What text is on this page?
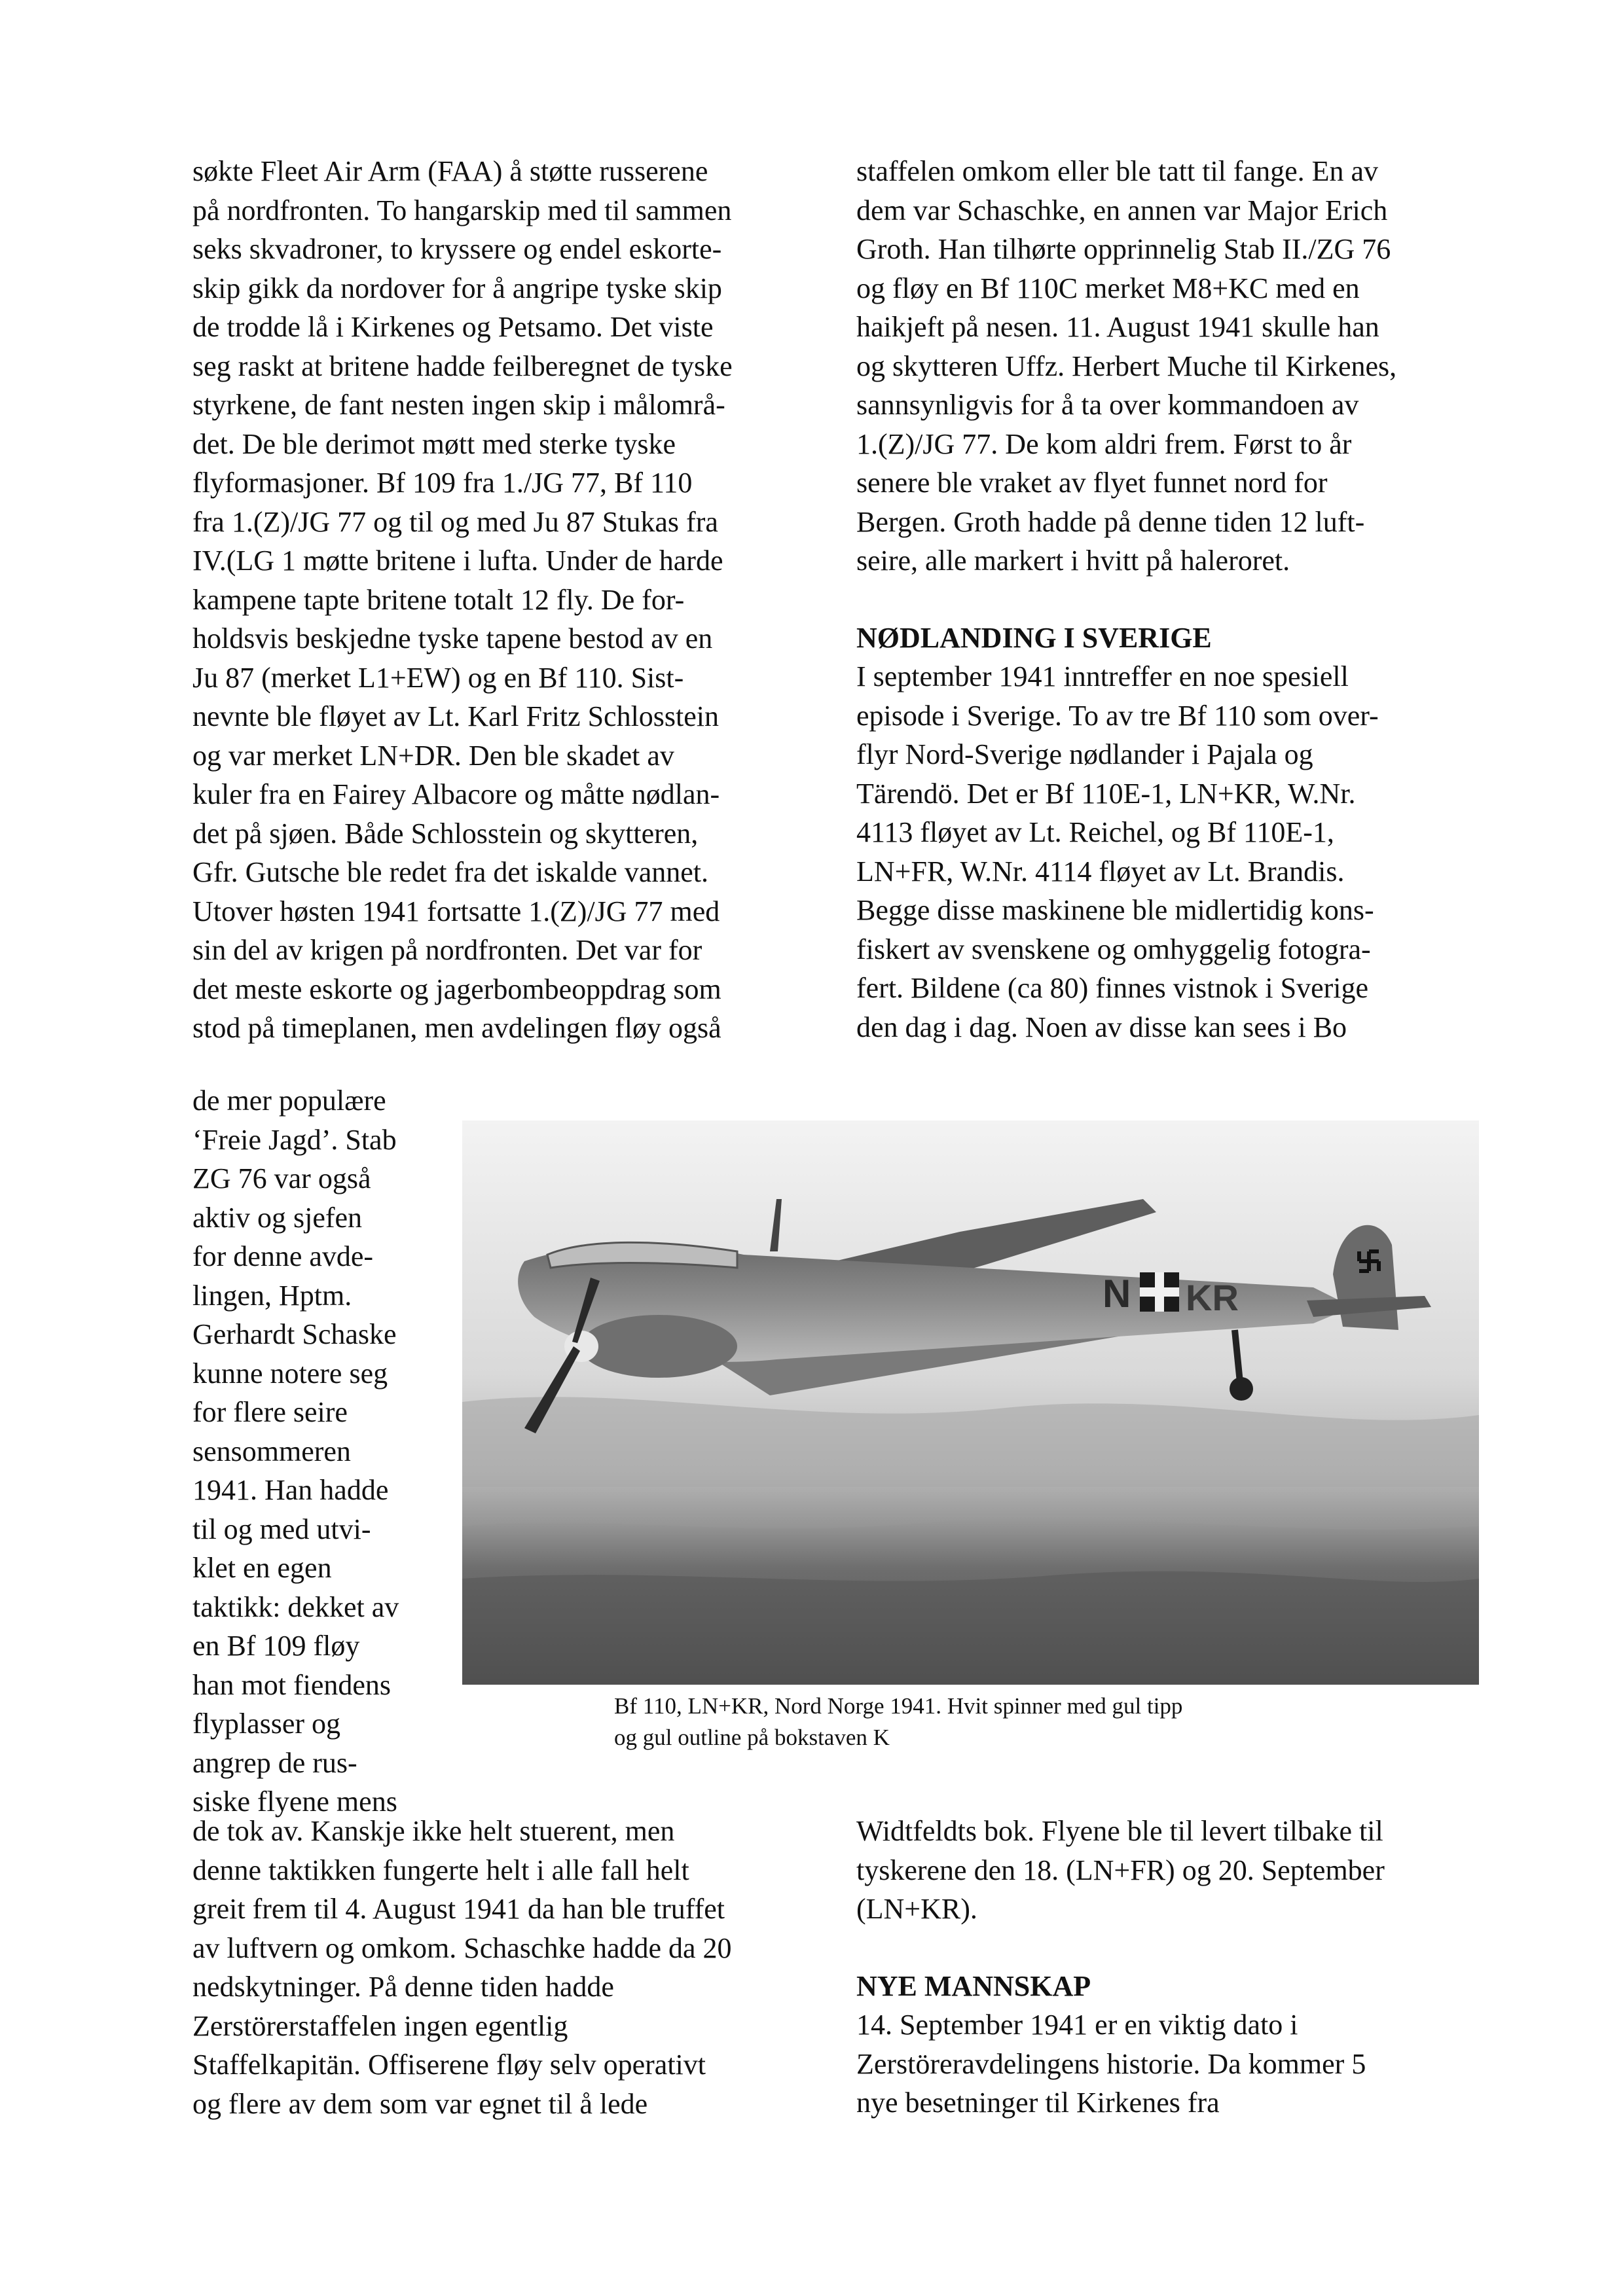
søkte Fleet Air Arm (FAA) å støtte russerene
på nordfronten. To hangarskip med til sammen
seks skvadroner, to kryssere og endel eskorte-
skip gikk da nordover for å angripe tyske skip
de trodde lå i Kirkenes og Petsamo. Det viste
seg raskt at britene hadde feilberegnet de tyske
styrkene, de fant nesten ingen skip i målområ-
det. De ble derimot møtt med sterke tyske
flyformasjoner. Bf 109 fra 1./JG 77, Bf 110
fra 1.(Z)/JG 77 og til og med Ju 87 Stukas fra
IV.(LG 1 møtte britene i lufta. Under de harde
kampene tapte britene totalt 12 fly. De for-
holdsvis beskjedne tyske tapene bestod av en
Ju 87 (merket L1+EW) og en Bf 110. Sist-
nevnte ble fløyet av Lt. Karl Fritz Schlosstein
og var merket LN+DR. Den ble skadet av
kuler fra en Fairey Albacore og måtte nødlan-
det på sjøen. Både Schlosstein og skytteren,
Gfr. Gutsche ble redet fra det iskalde vannet.
Utover høsten 1941 fortsatte 1.(Z)/JG 77 med
sin del av krigen på nordfronten. Det var for
det meste eskorte og jagerbombeoppdrag som
stod på timeplanen, men avdelingen fløy også
de mer populære
‘Freie Jagd’. Stab
ZG 76 var også
aktiv og sjefen
for denne avde-
lingen, Hptm.
Gerhardt Schaske
kunne notere seg
for flere seire
sensommeren
1941. Han hadde
til og med utvi-
klet en egen
taktikk: dekket av
en Bf 109 fløy
han mot fiendens
flyplasser og
angrep de rus-
siske flyene mens
de tok av. Kanskje ikke helt stuerent, men
denne taktikken fungerte helt i alle fall helt
greit frem til 4. August 1941 da han ble truffet
av luftvern og omkom. Schaschke hadde da 20
nedskytninger. På denne tiden hadde
Zerstörerstaffelen ingen egentlig
Staffelkapitän. Offiserene fløy selv operativt
og flere av dem som var egnet til å lede
staffelen omkom eller ble tatt til fange. En av
dem var Schaschke, en annen var Major Erich
Groth. Han tilhørte opprinnelig Stab II./ZG 76
og fløy en Bf 110C merket M8+KC med en
haikjeft på nesen. 11. August 1941 skulle han
og skytteren Uffz. Herbert Muche til Kirkenes,
sannsynligvis for å ta over kommandoen av
1.(Z)/JG 77. De kom aldri frem. Først to år
senere ble vraket av flyet funnet nord for
Bergen. Groth hadde på denne tiden 12 luft-
seire, alle markert i hvitt på haleroret.
NØDLANDING I SVERIGE
I september 1941 inntreffer en noe spesiell
episode i Sverige. To av tre Bf 110 som over-
flyr Nord-Sverige nødlander i Pajala og
Tärendö. Det er Bf 110E-1, LN+KR, W.Nr.
4113 fløyet av Lt. Reichel, og Bf 110E-1,
LN+FR, W.Nr. 4114 fløyet av Lt. Brandis.
Begge disse maskinene ble midlertidig kons-
fiskert av svenskene og omhyggelig fotogra-
fert. Bildene (ca 80) finnes vistnok i Sverige
den dag i dag. Noen av disse kan sees i Bo
Widtfeldts bok. Flyene ble til levert tilbake til
tyskerene den 18. (LN+FR) og 20. September
(LN+KR).
NYE MANNSKAP
14. September 1941 er en viktig dato i
Zerstöreravdelingens historie. Da kommer 5
nye besetninger til Kirkenes fra
N KR
Bf 110, LN+KR, Nord Norge 1941. Hvit spinner med gul tipp
og gul outline på bokstaven K
